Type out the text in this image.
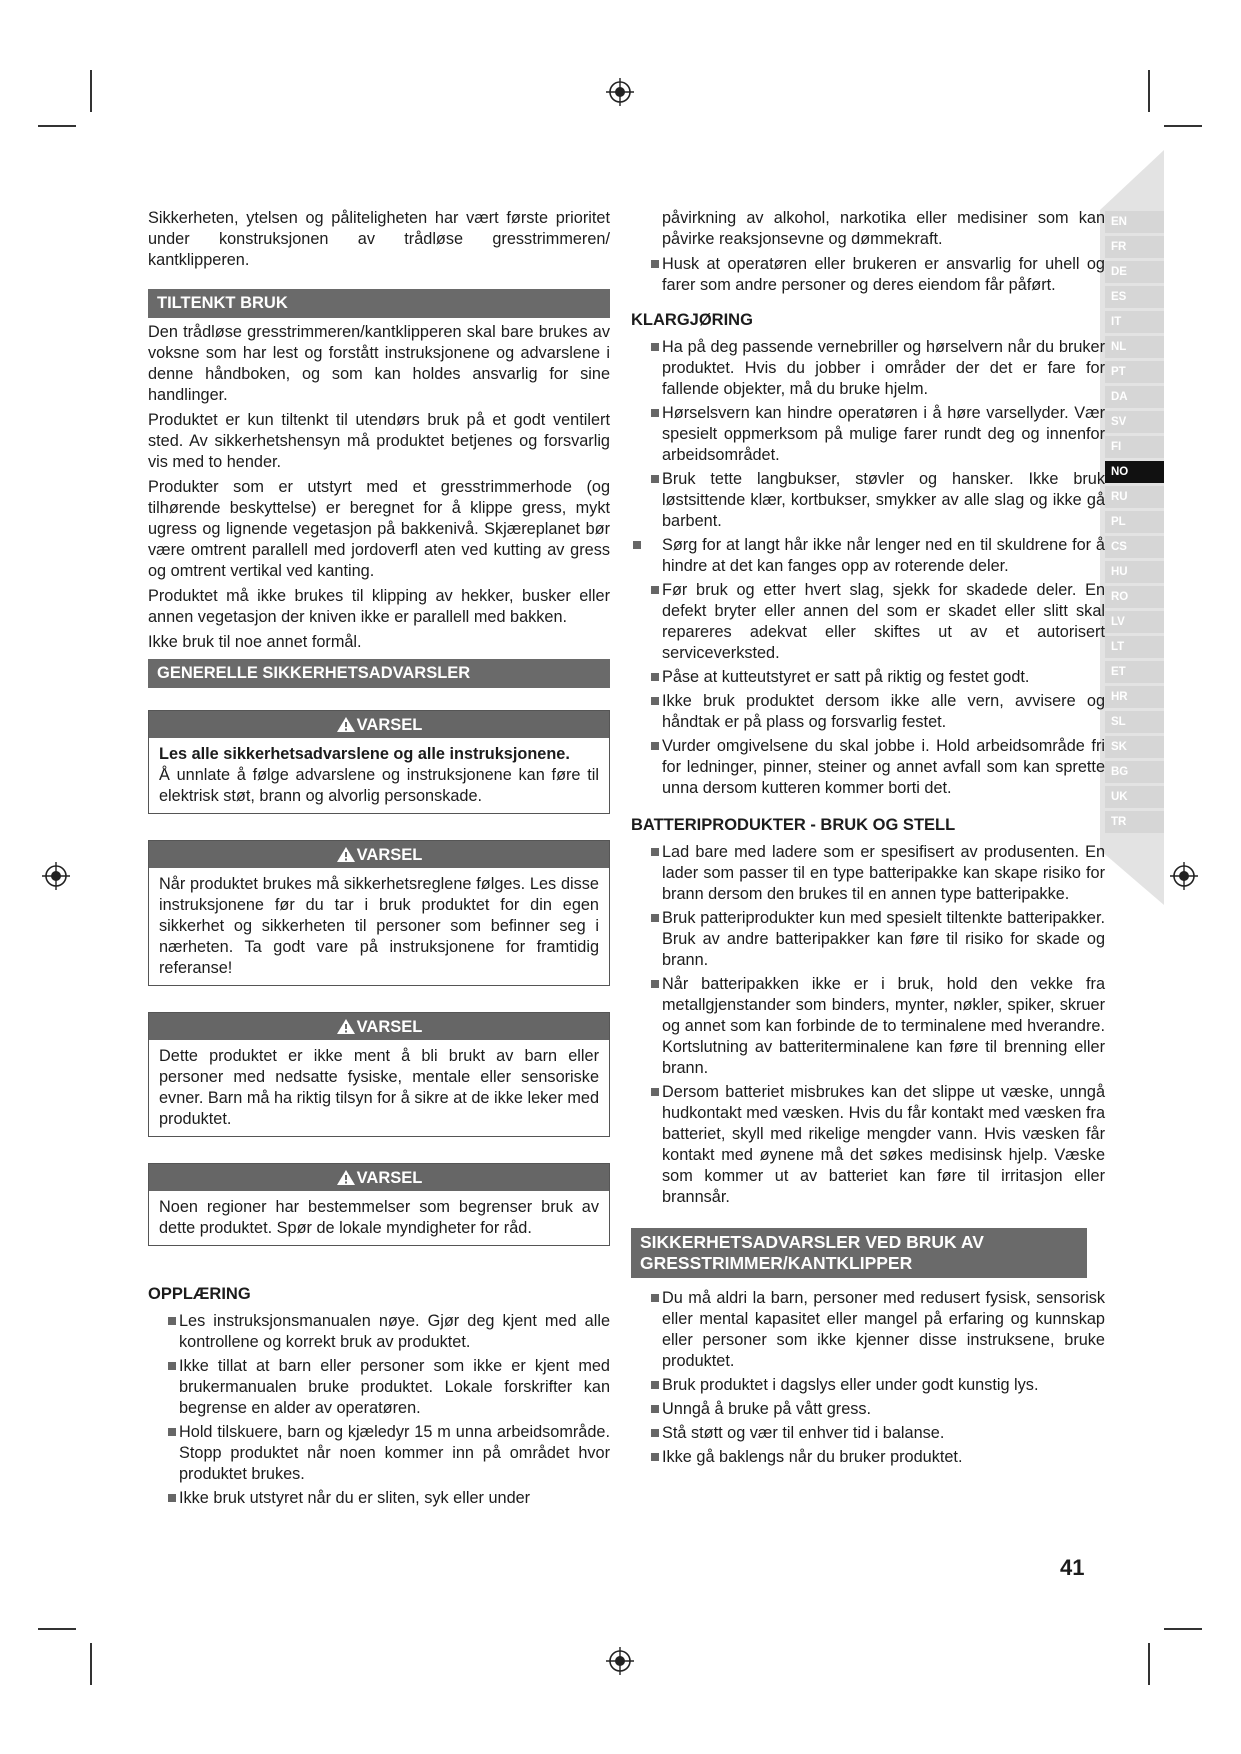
Sikkerheten, ytelsen og påliteligheten har vært første prioritet under konstruksjonen av trådløse gresstrimmeren/ kantklipperen.

TILTENKT BRUK

Den trådløse gresstrimmeren/kantklipperen skal bare brukes av voksne som har lest og forstått instruksjonene og advarslene i denne håndboken, og som kan holdes ansvarlig for sine handlinger.

Produktet er kun tiltenkt til utendørs bruk på et godt ventilert sted. Av sikkerhetshensyn må produktet betjenes og forsvarlig vis med to hender.

Produkter som er utstyrt med et gresstrimmerhode (og tilhørende beskyttelse) er beregnet for å klippe gress, mykt ugress og lignende vegetasjon på bakkenivå. Skjæreplanet bør være omtrent parallell med jordoverfl aten ved kutting av gress og omtrent vertikal ved kanting.

Produktet må ikke brukes til klipping av hekker, busker eller annen vegetasjon der kniven ikke er parallell med bakken.

Ikke bruk til noe annet formål.

GENERELLE SIKKERHETSADVARSLER
VARSEL

Les alle sikkerhetsadvarslene og alle instruksjonene.

Å unnlate å følge advarslene og instruksjonene kan føre til elektrisk støt, brann og alvorlig personskade.

VARSEL

Når produktet brukes må sikkerhetsreglene følges. Les disse instruksjonene før du tar i bruk produktet for din egen sikkerhet og sikkerheten til personer som befinner seg i nærheten. Ta godt vare på instruksjonene for framtidig referanse!

VARSEL

Dette produktet er ikke ment å bli brukt av barn eller personer med nedsatte fysiske, mentale eller sensoriske evner. Barn må ha riktig tilsyn for å sikre at de ikke leker med produktet.

VARSEL

Noen regioner har bestemmelser som begrenser bruk av dette produktet. Spør de lokale myndigheter for råd.

OPPLÆRING
Les instruksjonsmanualen nøye. Gjør deg kjent med alle kontrollene og korrekt bruk av produktet.
Ikke tillat at barn eller personer som ikke er kjent med brukermanualen bruke produktet. Lokale forskrifter kan begrense en alder av operatøren.
Hold tilskuere, barn og kjæledyr 15 m unna arbeidsområde. Stopp produktet når noen kommer inn på området hvor produktet brukes.
Ikke bruk utstyret når du er sliten, syk eller under

påvirkning av alkohol, narkotika eller medisiner som kan påvirke reaksjonsevne og dømmekraft.

Husk at operatøren eller brukeren er ansvarlig for uhell og farer som andre personer og deres eiendom får påført.
KLARGJØRING
Ha på deg passende vernebriller og hørselvern når du bruker produktet. Hvis du jobber i områder der det er fare for fallende objekter, må du bruke hjelm.
Hørselsvern kan hindre operatøren i å høre varsellyder. Vær spesielt oppmerksom på mulige farer rundt deg og innenfor arbeidsområdet.
Bruk tette langbukser, støvler og hansker. Ikke bruk løstsittende klær, kortbukser, smykker av alle slag og ikke gå barbent.
Sørg for at langt hår ikke når lenger ned en til skuldrene for å hindre at det kan fanges opp av roterende deler.
Før bruk og etter hvert slag, sjekk for skadede deler. En defekt bryter eller annen del som er skadet eller slitt skal repareres adekvat eller skiftes ut av et autorisert serviceverksted.
Påse at kutteutstyret er satt på riktig og festet godt.
Ikke bruk produktet dersom ikke alle vern, avvisere og håndtak er på plass og forsvarlig festet.
Vurder omgivelsene du skal jobbe i. Hold arbeidsområde fri for ledninger, pinner, steiner og annet avfall som kan sprette unna dersom kutteren kommer borti det.
BATTERIPRODUKTER - BRUK OG STELL
Lad bare med ladere som er spesifisert av produsenten. En lader som passer til en type batteripakke kan skape risiko for brann dersom den brukes til en annen type batteripakke.
Bruk patteriprodukter kun med spesielt tiltenkte batteripakker. Bruk av andre batteripakker kan føre til risiko for skade og brann.
Når batteripakken ikke er i bruk, hold den vekke fra metallgjenstander som binders, mynter, nøkler, spiker, skruer og annet som kan forbinde de to terminalene med hverandre. Kortslutning av batteriterminalene kan føre til brenning eller brann.
Dersom batteriet misbrukes kan det slippe ut væske, unngå hudkontakt med væsken. Hvis du får kontakt med væsken fra batteriet, skyll med rikelige mengder vann. Hvis væsken får kontakt med øynene må det søkes medisinsk hjelp. Væske som kommer ut av batteriet kan føre til irritasjon eller brannsår.
SIKKERHETSADVARSLER VED BRUK AV
GRESSTRIMMER/KANTKLIPPER
Du må aldri la barn, personer med redusert fysisk, sensorisk eller mental kapasitet eller mangel på erfaring og kunnskap eller personer som ikke kjenner disse instruksene, bruke produktet.
Bruk produktet i dagslys eller under godt kunstig lys.
Unngå å bruke på vått gress.
Stå støtt og vær til enhver tid i balanse.
Ikke gå baklengs når du bruker produktet.
EN
FR
DE
ES
IT
NL
PT
DA
SV
FI
NO
RU
PL
CS
HU
RO
LV
LT
ET
HR
SL
SK
BG
UK
TR
41
